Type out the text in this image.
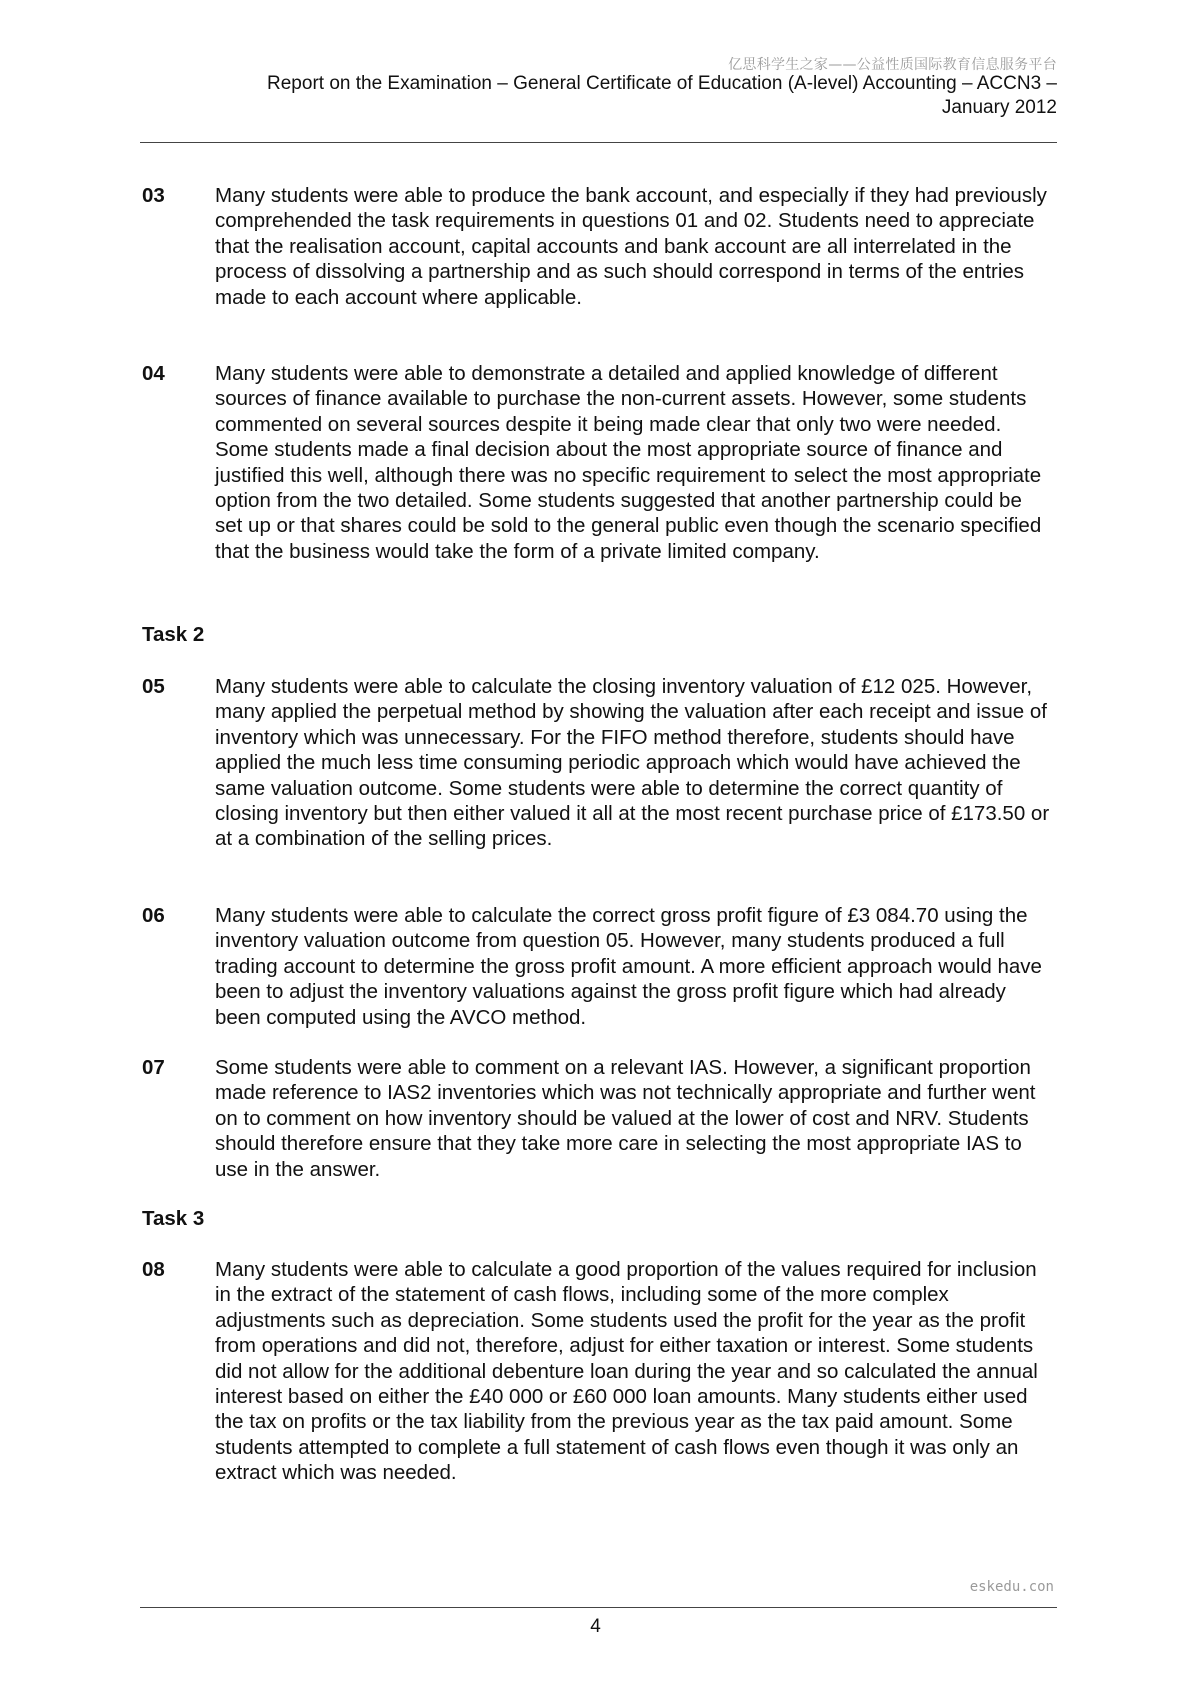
亿思科学生之家——公益性质国际教育信息服务平台
Report on the Examination – General Certificate of Education (A-level) Accounting – ACCN3 –
January 2012
03 Many students were able to produce the bank account, and especially if they had previously comprehended the task requirements in questions 01 and 02. Students need to appreciate that the realisation account, capital accounts and bank account are all interrelated in the process of dissolving a partnership and as such should correspond in terms of the entries made to each account where applicable.
04 Many students were able to demonstrate a detailed and applied knowledge of different sources of finance available to purchase the non-current assets. However, some students commented on several sources despite it being made clear that only two were needed. Some students made a final decision about the most appropriate source of finance and justified this well, although there was no specific requirement to select the most appropriate option from the two detailed. Some students suggested that another partnership could be set up or that shares could be sold to the general public even though the scenario specified that the business would take the form of a private limited company.
Task 2
05 Many students were able to calculate the closing inventory valuation of £12 025. However, many applied the perpetual method by showing the valuation after each receipt and issue of inventory which was unnecessary. For the FIFO method therefore, students should have applied the much less time consuming periodic approach which would have achieved the same valuation outcome. Some students were able to determine the correct quantity of closing inventory but then either valued it all at the most recent purchase price of £173.50 or at a combination of the selling prices.
06 Many students were able to calculate the correct gross profit figure of £3 084.70 using the inventory valuation outcome from question 05. However, many students produced a full trading account to determine the gross profit amount. A more efficient approach would have been to adjust the inventory valuations against the gross profit figure which had already been computed using the AVCO method.
07 Some students were able to comment on a relevant IAS. However, a significant proportion made reference to IAS2 inventories which was not technically appropriate and further went on to comment on how inventory should be valued at the lower of cost and NRV. Students should therefore ensure that they take more care in selecting the most appropriate IAS to use in the answer.
Task 3
08 Many students were able to calculate a good proportion of the values required for inclusion in the extract of the statement of cash flows, including some of the more complex adjustments such as depreciation. Some students used the profit for the year as the profit from operations and did not, therefore, adjust for either taxation or interest. Some students did not allow for the additional debenture loan during the year and so calculated the annual interest based on either the £40 000 or £60 000 loan amounts. Many students either used the tax on profits or the tax liability from the previous year as the tax paid amount. Some students attempted to complete a full statement of cash flows even though it was only an extract which was needed.
eskedu.con
4
